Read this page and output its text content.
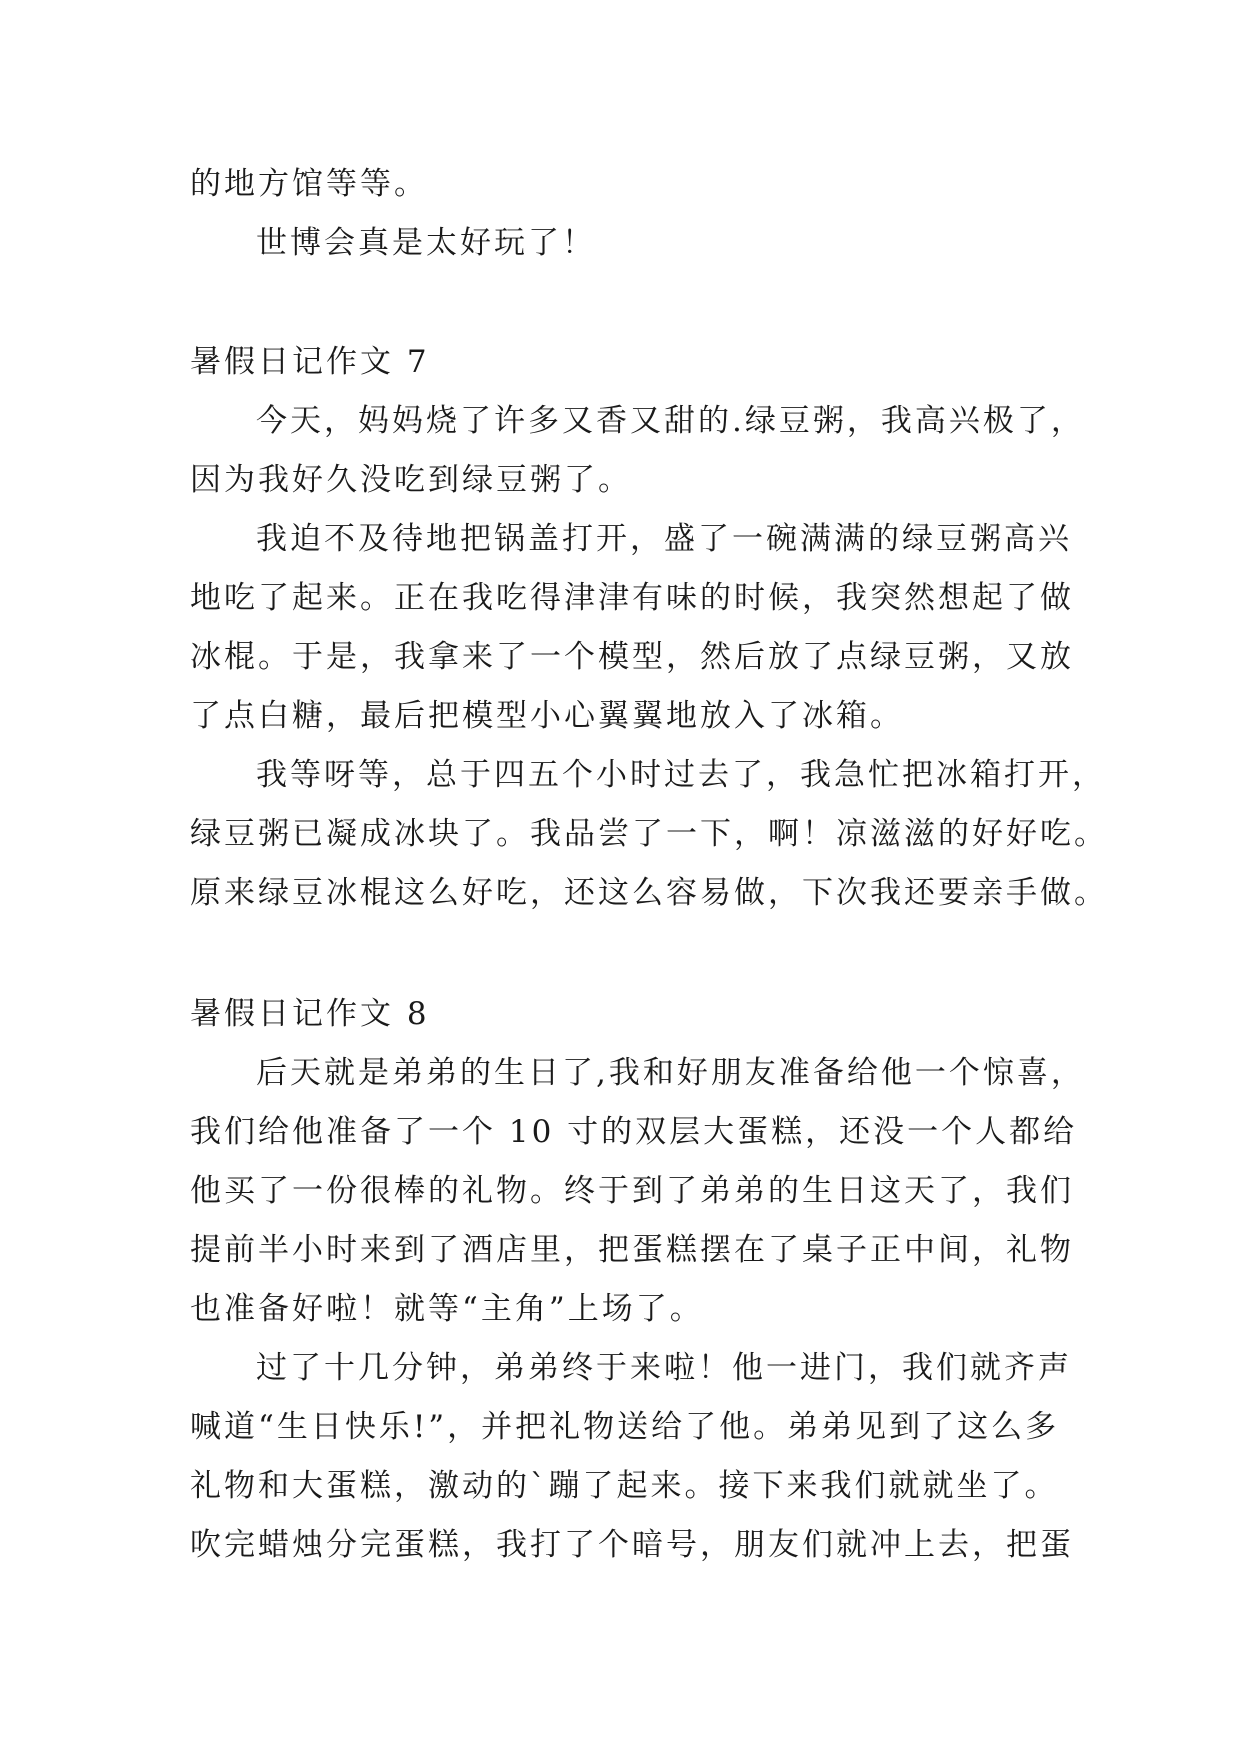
的地方馆等等。
世博会真是太好玩了！
暑假日记作文 7
今天，妈妈烧了许多又香又甜的.绿豆粥，我高兴极了，
因为我好久没吃到绿豆粥了。
我迫不及待地把锅盖打开，盛了一碗满满的绿豆粥高兴
地吃了起来。正在我吃得津津有味的时候，我突然想起了做
冰棍。于是，我拿来了一个模型，然后放了点绿豆粥，又放
了点白糖，最后把模型小心翼翼地放入了冰箱。
我等呀等，总于四五个小时过去了，我急忙把冰箱打开，
绿豆粥已凝成冰块了。我品尝了一下，啊！凉滋滋的好好吃。
原来绿豆冰棍这么好吃，还这么容易做，下次我还要亲手做。
暑假日记作文 8
后天就是弟弟的生日了,我和好朋友准备给他一个惊喜，
我们给他准备了一个 10 寸的双层大蛋糕，还没一个人都给
他买了一份很棒的礼物。终于到了弟弟的生日这天了，我们
提前半小时来到了酒店里，把蛋糕摆在了桌子正中间，礼物
也准备好啦！就等“主角”上场了。
过了十几分钟，弟弟终于来啦！他一进门，我们就齐声
喊道“生日快乐!”，并把礼物送给了他。弟弟见到了这么多
礼物和大蛋糕，激动的`蹦了起来。接下来我们就就坐了。
吹完蜡烛分完蛋糕，我打了个暗号，朋友们就冲上去，把蛋
